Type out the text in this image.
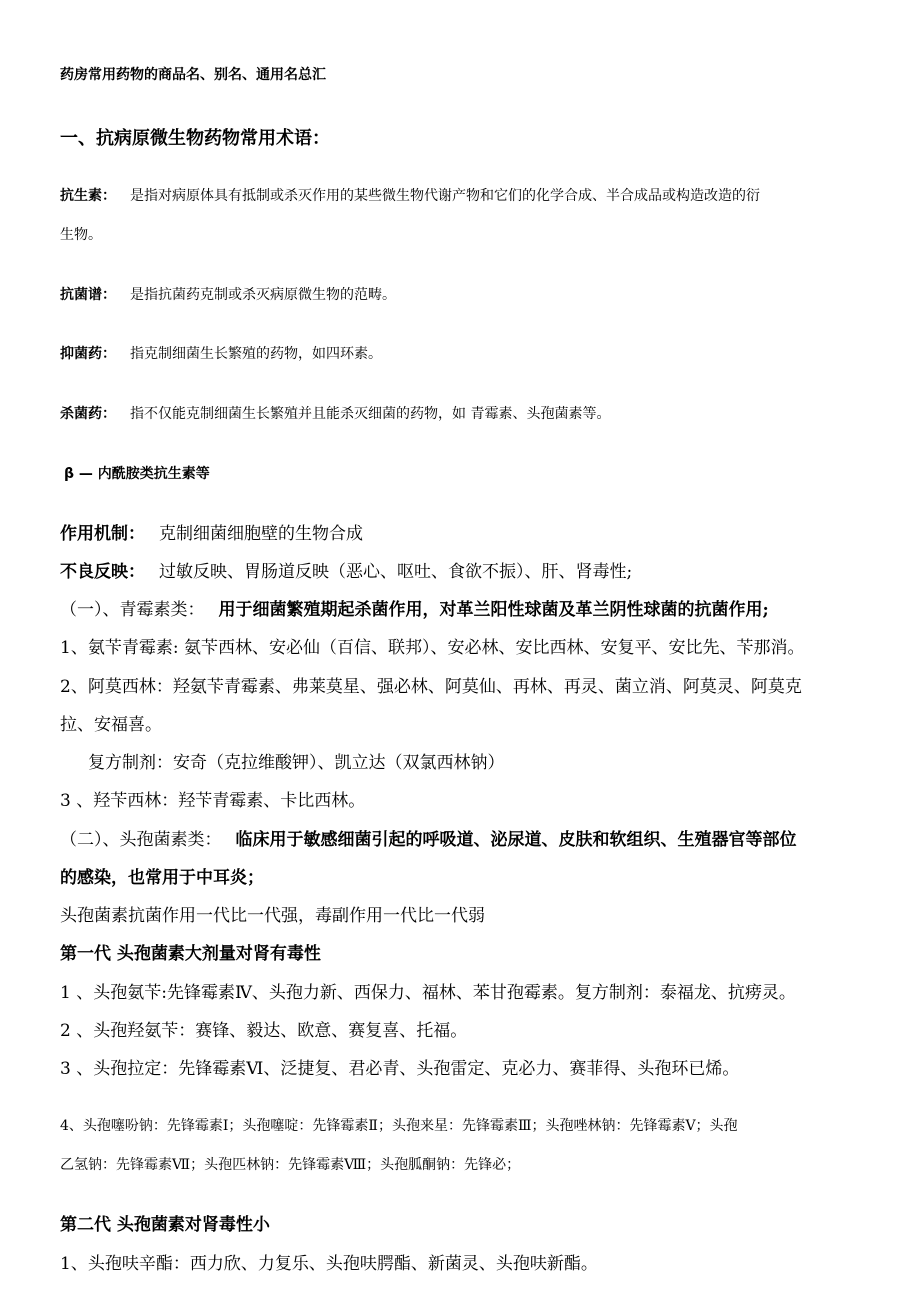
药房常用药物的商品名、别名、通用名总汇
一、抗病原微生物药物常用术语：
抗生素： 是指对病原体具有抵制或杀灭作用的某些微生物代谢产物和它们的化学合成、半合成品或构造改造的衍
生物。
抗菌谱： 是指抗菌药克制或杀灭病原微生物的范畴。
抑菌药： 指克制细菌生长繁殖的药物，如四环素。
杀菌药： 指不仅能克制细菌生长繁殖并且能杀灭细菌的药物，如 青霉素、头孢菌素等。
β — 内酰胺类抗生素等
作用机制： 克制细菌细胞壁的生物合成
不良反映： 过敏反映、胃肠道反映（恶心、呕吐、食欲不振）、肝、肾毒性;
（一）、青霉素类： 用于细菌繁殖期起杀菌作用，对革兰阳性球菌及革兰阴性球菌的抗菌作用;
1、氨苄青霉素: 氨苄西林、安必仙（百信、联邦）、安必林、安比西林、安复平、安比先、苄那消。
2、阿莫西林：羟氨苄青霉素、弗莱莫星、强必林、阿莫仙、再林、再灵、菌立消、阿莫灵、阿莫克
拉、安福喜。
复方制剂：安奇（克拉维酸钾）、凯立达（双氯西林钠）
3 、羟苄西林：羟苄青霉素、卡比西林。
（二）、头孢菌素类： 临床用于敏感细菌引起的呼吸道、泌尿道、皮肤和软组织、生殖器官等部位
的感染，也常用于中耳炎；
头孢菌素抗菌作用一代比一代强，毒副作用一代比一代弱
第一代 头孢菌素大剂量对肾有毒性
1 、头孢氨苄:先锋霉素Ⅳ、头孢力新、西保力、福林、苯甘孢霉素。复方制剂：泰福龙、抗痨灵。
2 、头孢羟氨苄：赛锋、毅达、欧意、赛复喜、托福。
3 、头孢拉定：先锋霉素Ⅵ、泛捷复、君必青、头孢雷定、克必力、赛菲得、头孢环已烯。
4、头孢噻吩钠：先锋霉素Ⅰ；头孢噻啶：先锋霉素Ⅱ；头孢来星：先锋霉素Ⅲ；头孢唑林钠：先锋霉素Ⅴ；头孢
乙氢钠：先锋霉素Ⅶ；头孢匹林钠：先锋霉素Ⅷ；头孢胍酮钠：先锋必；
第二代 头孢菌素对肾毒性小
1、头孢呋辛酯：西力欣、力复乐、头孢呋腭酯、新菌灵、头孢呋新酯。
